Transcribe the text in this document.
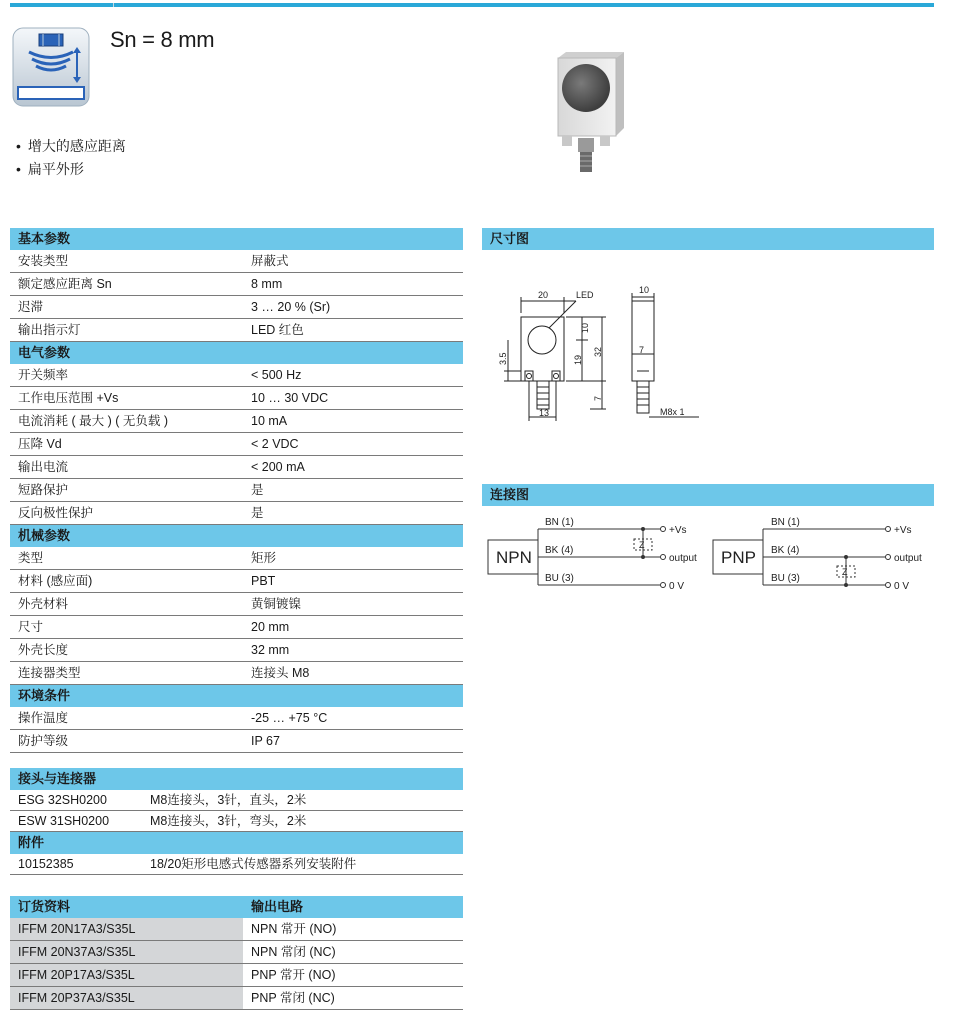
Sn = 8 mm
• 增大的感应距离
• 扁平外形
基本参数
安装类型	屏蔽式
额定感应距离 Sn	8 mm
迟滞	3 … 20 % (Sr)
输出指示灯	LED 红色
电气参数
开关频率	< 500 Hz
工作电压范围 +Vs	10 … 30 VDC
电流消耗 ( 最大 ) ( 无负载 )	10 mA
压降 Vd	< 2 VDC
输出电流	< 200 mA
短路保护	是
反向极性保护	是
机械参数
类型	矩形
材料 (感应面)	PBT
外壳材料	黄铜镀镍
尺寸	20 mm
外壳长度	32 mm
连接器类型	连接头 M8
环境条件
操作温度	-25 … +75 °C
防护等级	IP 67
接头与连接器
ESG 32SH0200	M8连接头，3针，直头，2米
ESW 31SH0200	M8连接头，3针，弯头，2米
附件
10152385	18/20矩形电感式传感器系列安装附件
订货资料	输出电路
IFFM 20N17A3/S35L	NPN 常开 (NO)
IFFM 20N37A3/S35L	NPN 常闭 (NC)
IFFM 20P17A3/S35L	PNP 常开 (NO)
IFFM 20P37A3/S35L	PNP 常闭 (NC)
尺寸图
20	LED	10
10
19
32
3.5
7
13
7
M8x 1
连接图
NPN
BN (1)
BK (4)
BU (3)
Z
+Vs
output
0 V
PNP
BN (1)
BK (4)
BU (3)
Z
+Vs
output
0 V
